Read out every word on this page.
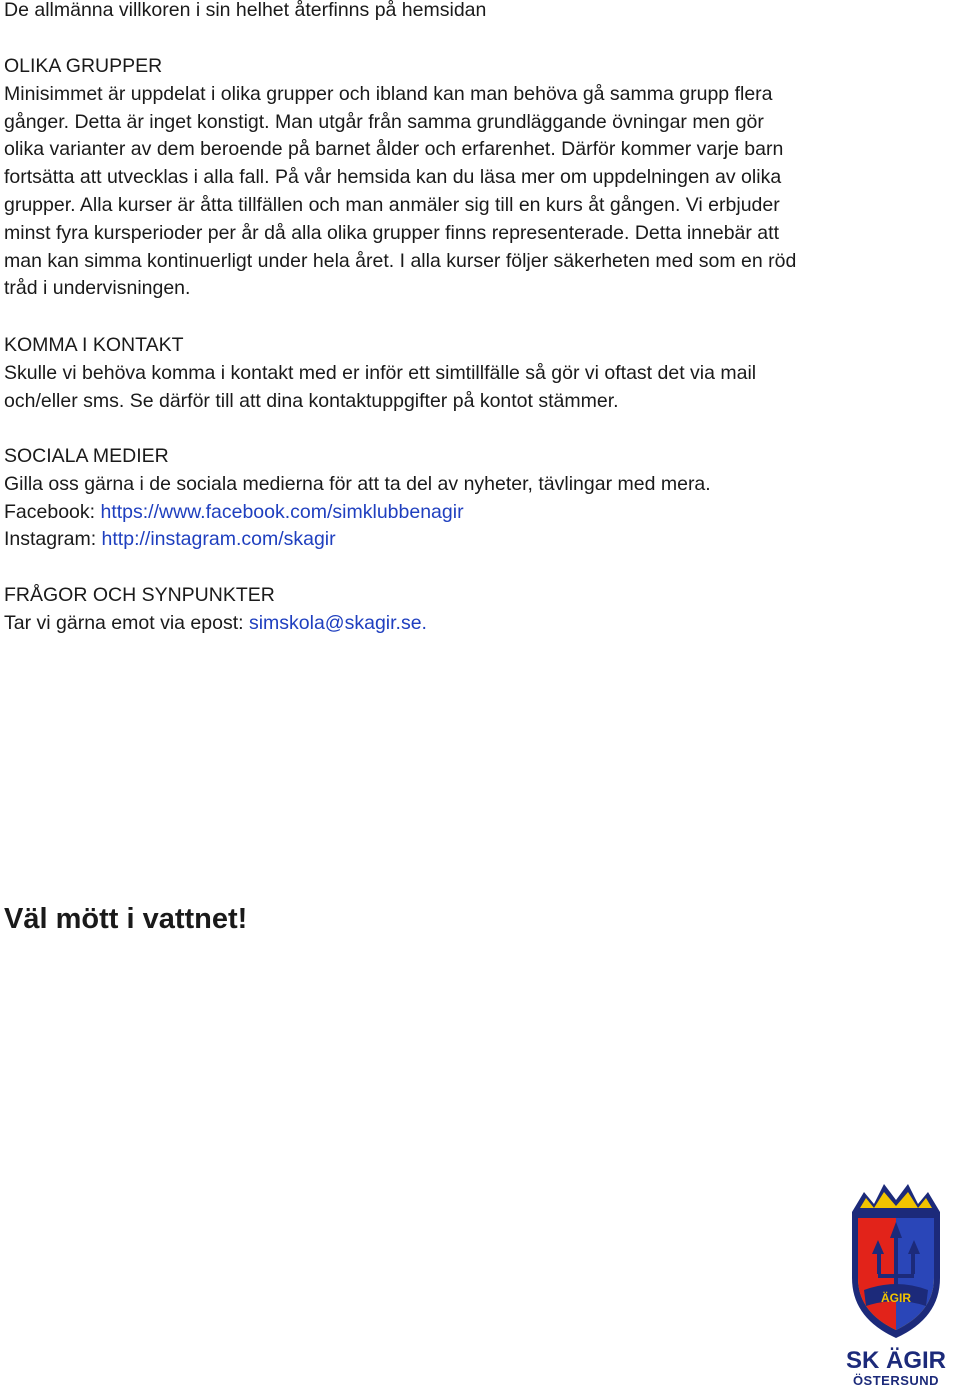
De allmänna villkoren i sin helhet återfinns på hemsidan

OLIKA GRUPPER

Minisimmet är uppdelat i olika grupper och ibland kan man behöva gå samma grupp flera

gånger. Detta är inget konstigt. Man utgår från samma grundläggande övningar men gör

olika varianter av dem beroende på barnet ålder och erfarenhet. Därför kommer varje barn

fortsätta att utvecklas i alla fall. På vår hemsida kan du läsa mer om uppdelningen av olika

grupper. Alla kurser är åtta tillfällen och man anmäler sig till en kurs åt gången. Vi erbjuder

minst fyra kursperioder per år då alla olika grupper finns representerade. Detta innebär att

man kan simma kontinuerligt under hela året. I alla kurser följer säkerheten med som en röd

tråd i undervisningen.

KOMMA I KONTAKT

Skulle vi behöva komma i kontakt med er inför ett simtillfälle så gör vi oftast det via mail

och/eller sms. Se därför till att dina kontaktuppgifter på kontot stämmer.

SOCIALA MEDIER

Gilla oss gärna i de sociala medierna för att ta del av nyheter, tävlingar med mera.

Facebook: https://www.facebook.com/simklubbenagir

Instagram: http://instagram.com/skagir

FRÅGOR OCH SYNPUNKTER

Tar vi gärna emot via epost: simskola@skagir.se.

Väl mött i vattnet!

ÄGIR
SK ÄGIR
ÖSTERSUND
